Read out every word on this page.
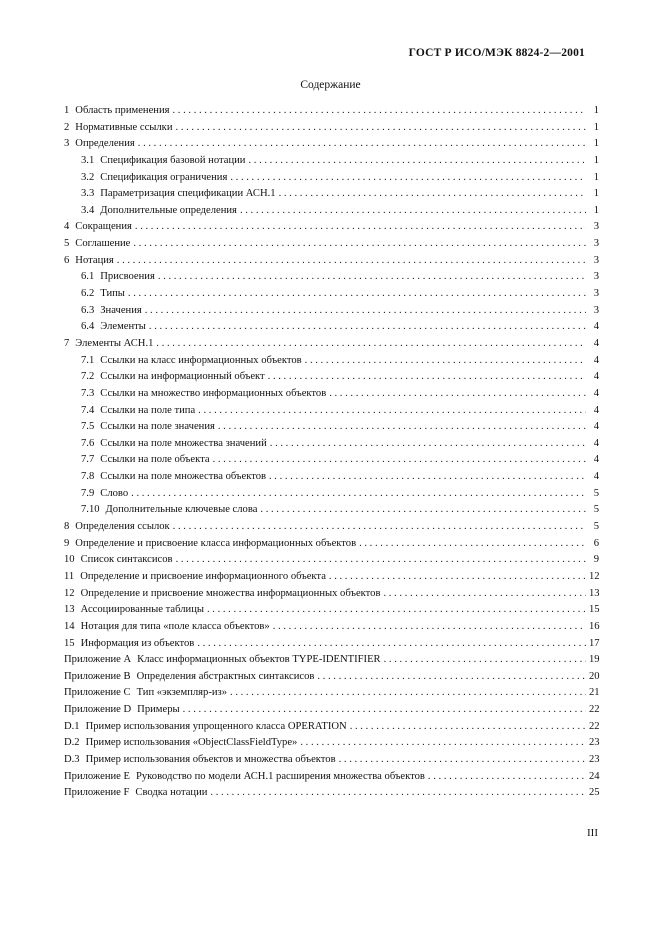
ГОСТ Р ИСО/МЭК 8824-2—2001
Содержание
1 Область применения . . .	1
2 Нормативные ссылки . . .	1
3 Определения . . .	1
3.1 Спецификация базовой нотации . . .	1
3.2 Спецификация ограничения . . .	1
3.3 Параметризация спецификации АСН.1 . . .	1
3.4 Дополнительные определения . . .	1
4 Сокращения . . .	3
5 Соглашение . . .	3
6 Нотация . . .	3
6.1 Присвоения . . .	3
6.2 Типы . . .	3
6.3 Значения . . .	3
6.4 Элементы . . .	4
7 Элементы АСН.1 . . .	4
7.1 Ссылки на класс информационных объектов . . .	4
7.2 Ссылки на информационный объект . . .	4
7.3 Ссылки на множество информационных объектов . . .	4
7.4 Ссылки на поле типа . . .	4
7.5 Ссылки на поле значения . . .	4
7.6 Ссылки на поле множества значений . . .	4
7.7 Ссылки на поле объекта . . .	4
7.8 Ссылки на поле множества объектов . . .	4
7.9 Слово . . .	5
7.10 Дополнительные ключевые слова . . .	5
8 Определения ссылок . . .	5
9 Определение и присвоение класса информационных объектов . . .	6
10 Список синтаксисов . . .	9
11 Определение и присвоение информационного объекта . . .	12
12 Определение и присвоение множества информационных объектов . . .	13
13 Ассоциированные таблицы . . .	15
14 Нотация для типа «поле класса объектов» . . .	16
15 Информация из объектов . . .	17
Приложение A Класс информационных объектов TYPE-IDENTIFIER . . .	19
Приложение B Определения абстрактных синтаксисов . . .	20
Приложение C Тип «экземпляр-из» . . .	21
Приложение D Примеры . . .	22
D.1 Пример использования упрощенного класса OPERATION . . .	22
D.2 Пример использования «ObjectClassFieldType» . . .	23
D.3 Пример использования объектов и множества объектов . . .	23
Приложение E Руководство по модели АСН.1 расширения множества объектов . . .	24
Приложение F Сводка нотации . . .	25
III
